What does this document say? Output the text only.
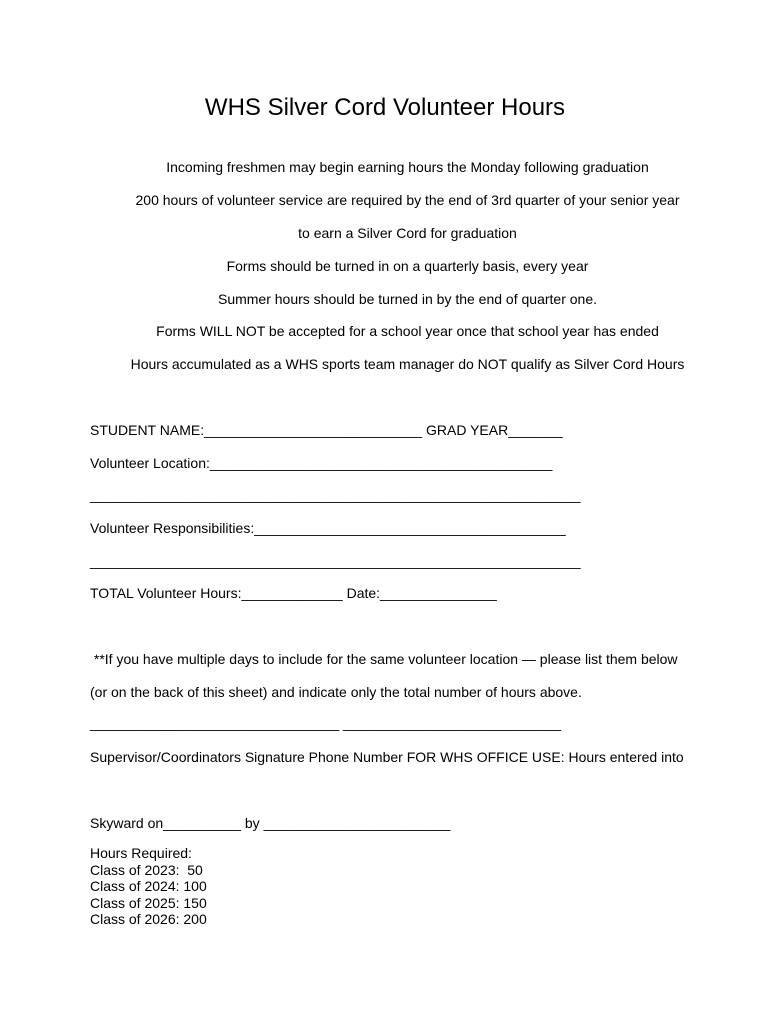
WHS Silver Cord Volunteer Hours
Incoming freshmen may begin earning hours the Monday following graduation
200 hours of volunteer service are required by the end of 3rd quarter of your senior year
to earn a Silver Cord for graduation
Forms should be turned in on a quarterly basis, every year
Summer hours should be turned in by the end of quarter one.
Forms WILL NOT be accepted for a school year once that school year has ended
Hours accumulated as a WHS sports team manager do NOT qualify as Silver Cord Hours
STUDENT NAME:____________________________ GRAD YEAR_______
Volunteer Location:____________________________________________
_______________________________________________________________
Volunteer Responsibilities:________________________________________
_______________________________________________________________
TOTAL Volunteer Hours:_____________ Date:_______________
**If you have multiple days to include for the same volunteer location — please list them below
(or on the back of this sheet) and indicate only the total number of hours above.
________________________________ ____________________________
Supervisor/Coordinators Signature Phone Number FOR WHS OFFICE USE: Hours entered into
Skyward on__________ by ________________________
Hours Required:
Class of 2023:  50
Class of 2024: 100
Class of 2025: 150
Class of 2026: 200
